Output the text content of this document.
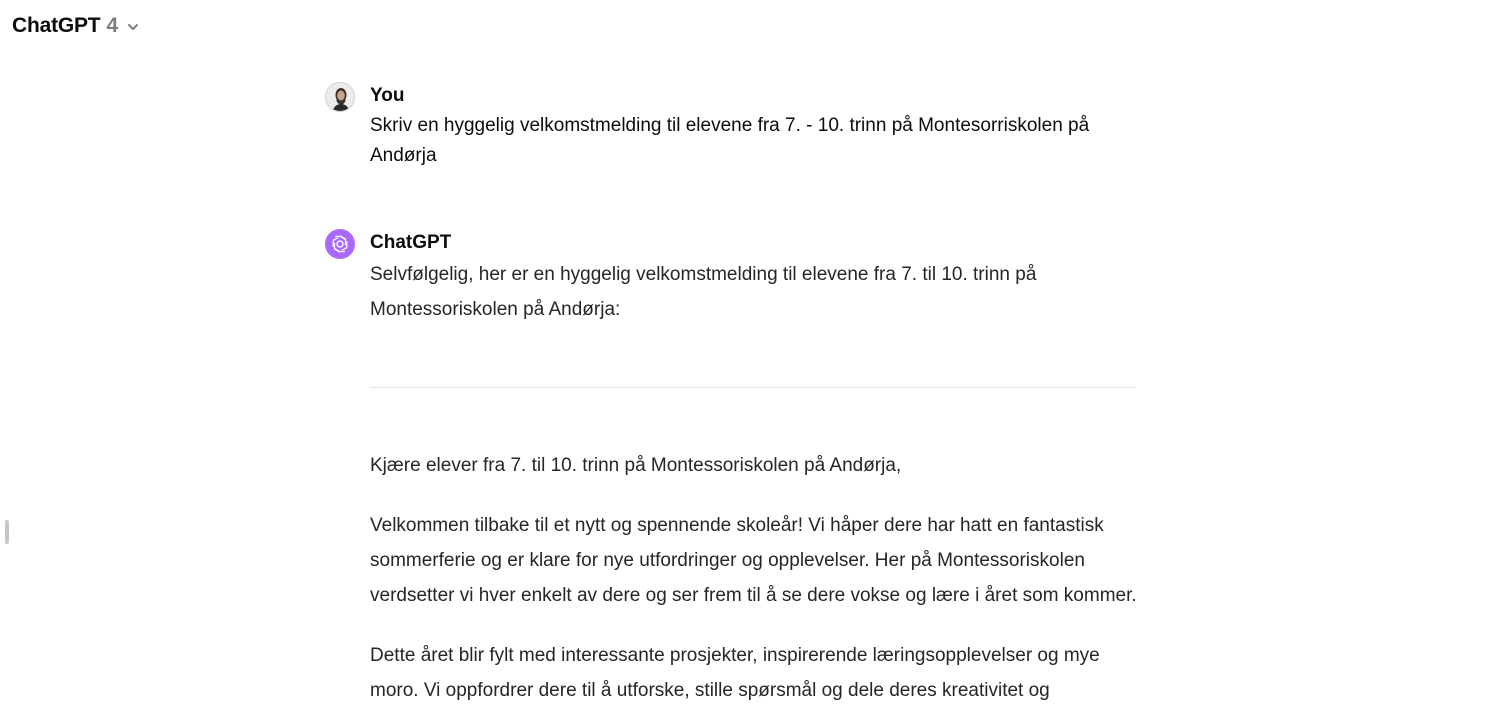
ChatGPT 4
You
Skriv en hyggelig velkomstmelding til elevene fra 7. - 10. trinn på Montesorriskolen på Andørja
ChatGPT

Selvfølgelig, her er en hyggelig velkomstmelding til elevene fra 7. til 10. trinn på Montessoriskolen på Andørja:

Kjære elever fra 7. til 10. trinn på Montessoriskolen på Andørja,

Velkommen tilbake til et nytt og spennende skoleår! Vi håper dere har hatt en fantastisk sommerferie og er klare for nye utfordringer og opplevelser. Her på Montessoriskolen verdsetter vi hver enkelt av dere og ser frem til å se dere vokse og lære i året som kommer.

Dette året blir fylt med interessante prosjekter, inspirerende læringsopplevelser og mye moro. Vi oppfordrer dere til å utforske, stille spørsmål og dele deres kreativitet og
